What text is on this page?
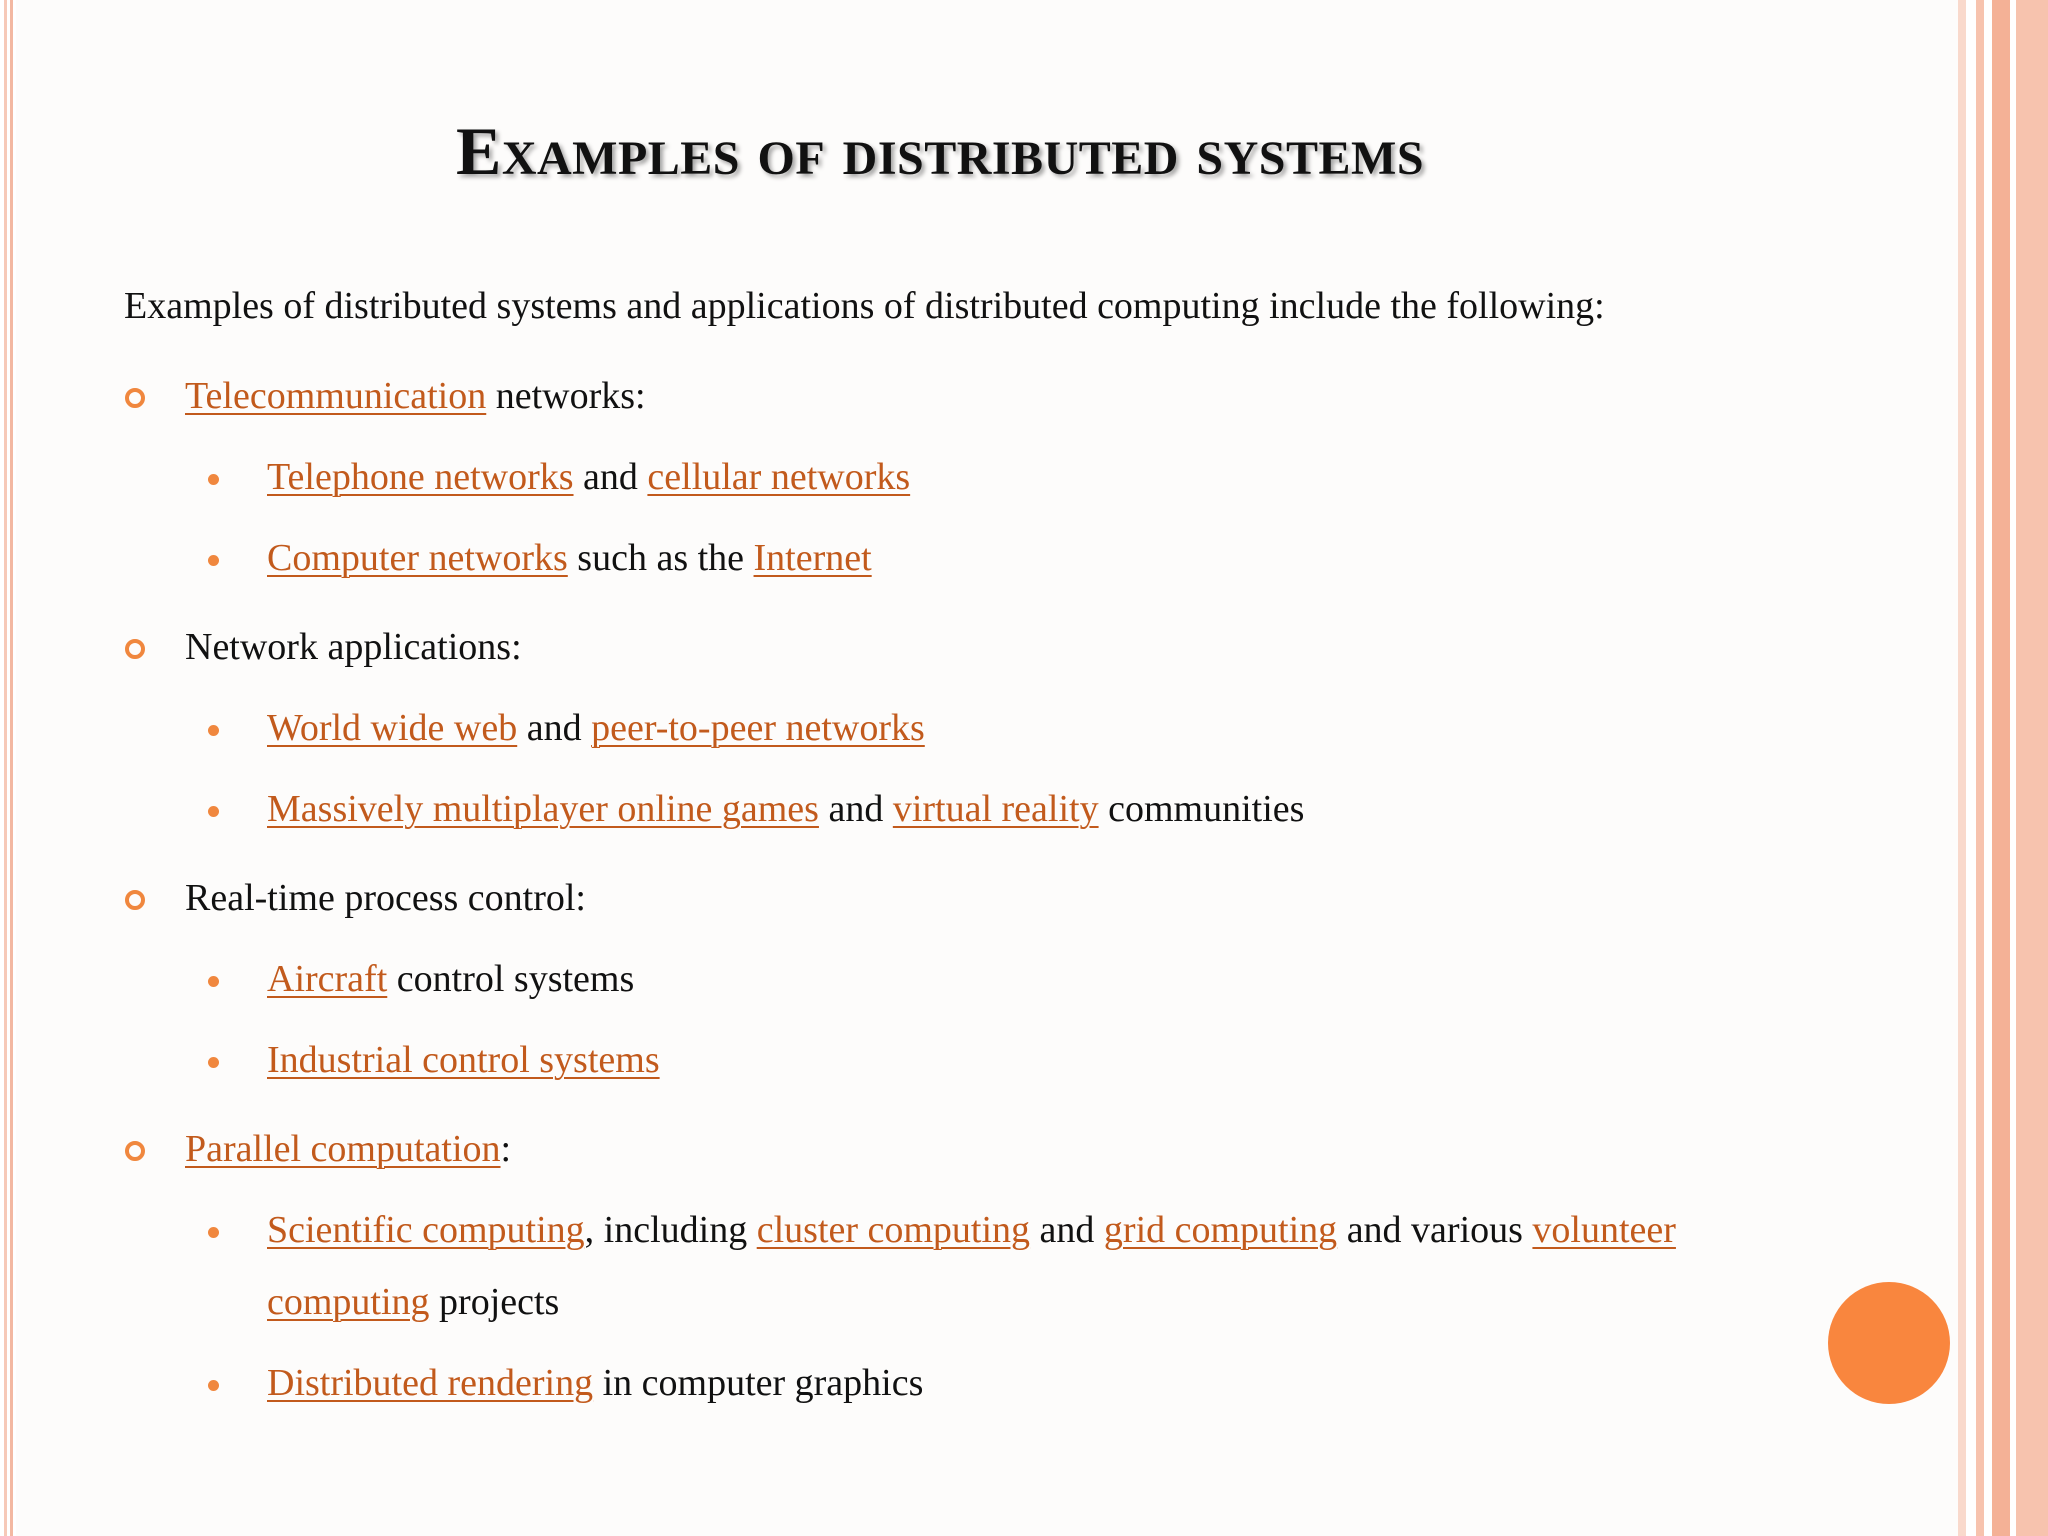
Examples of distributed systems

Examples of distributed systems and applications of distributed computing include the following:

Telecommunication networks:
Telephone networks and cellular networks
Computer networks such as the Internet
Network applications:
World wide web and peer-to-peer networks
Massively multiplayer online games and virtual reality communities
Real-time process control:
Aircraft control systems
Industrial control systems
Parallel computation:
Scientific computing, including cluster computing and grid computing and various volunteer
computing projects
Distributed rendering in computer graphics
